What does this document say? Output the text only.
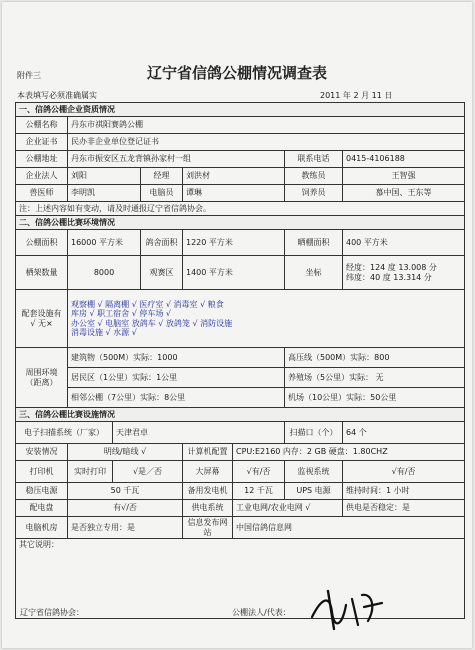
附件三	辽宁省信鸽公棚情况调查表
本表填写必须准确属实	2011 年 2 月 11 日
一、信鸽公棚企业资质情况							
公棚名称	丹东市祺阳赛鸽公棚						
企业证书	民办非企业单位登记证书						
公棚地址	丹东市振安区五龙背镇孙家村一组					联系电话	0415-4106188
企业法人	刘阳		经理	刘洪材		教练员	王智强
兽医师	李明凯		电脑员	谭琳		饲养员	慕中国、王东等
注：上述内容如有变动，请及时通报辽宁省信鸽协会。							
二、信鸽公棚比赛环境情况							
公棚面积	16000 平方米		鸽舍面积	1220 平方米		晒棚面积	400 平方米
栖架数量	8000		观赛区	1400 平方米		坐标	经度：124 度 13.008 分
纬度：40 度 13.314 分

配套设施有√ 无×	观察棚 √ 隔离棚 √ 医疗室 √ 消毒室 √ 粮食
库房 √ 职工宿舍 √ 停车场 √
办公室 √ 电脑室 放鸽车 √ 放鸽笼 √ 消防设施
消毒设施 √ 水源 √						

周围环境（距离）	建筑物（500M）实际：1000					高压线（500M）实际：800	
	居民区（1公里）实际：1公里					养殖场（5公里）实际： 无	
	相邻公棚（7公里）实际：8公里					机场（10公里）实际：50公里	
三、信鸽公棚比赛设施情况							
电子扫描系统（厂家）		天津君卓				扫描口（个）	64 个
安装情况	明线/暗线 √			计算机配置	CPU:E2160 内存：2 GB 硬盘：1.80CHZ		
打印机	实时打印	√是／否		大屏幕	√有/否	监视系统	√有/否
稳压电源	50 千瓦			备用发电机	12 千瓦	UPS 电源	维持时间：1 小时
配电盘	有√/否			供电系统	工业电网/农业电网 √		供电是否稳定：是
电脑机房	是否独立专用：是			信息发布网站	中国信鸽信息网		
其它说明：							
辽宁省信鸽协会：	公棚法人/代表：
